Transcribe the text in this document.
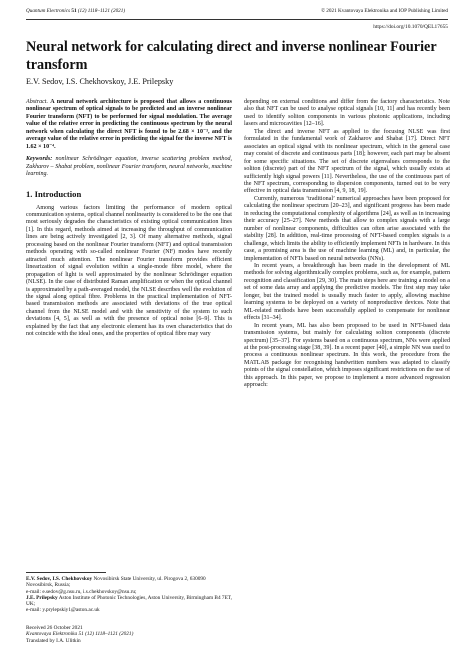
Quantum Electronics 51 (12) 1118–1121 (2021)	© 2021 Kvantovaya Elektronika and IOP Publishing Limited
https://doi.org/10.1070/QEL17655
Neural network for calculating direct and inverse nonlinear Fourier transform
E.V. Sedov, I.S. Chekhovskoy, J.E. Prilepsky
Abstract. A neural network architecture is proposed that allows a continuous nonlinear spectrum of optical signals to be predicted and an inverse nonlinear Fourier transform (NFT) to be performed for signal modulation. The average value of the relative error in predicting the continuous spectrum by the neural network when calculating the direct NFT is found to be 2.68 × 10⁻³, and the average value of the relative error in predicting the signal for the inverse NFT is 1.62 × 10⁻⁴.
Keywords: nonlinear Schrödinger equation, inverse scattering problem method, Zakharov – Shabat problem, nonlinear Fourier transform, neural networks, machine learning.
1. Introduction

Among various factors limiting the performance of modern optical communication systems, optical channel nonlinearity is considered to be the one that most seriously degrades the characteristics of existing optical communication lines [1]. In this regard, methods aimed at increasing the throughput of communication lines are being actively investigated [2, 3]. Of many alternative methods, signal processing based on the nonlinear Fourier transform (NFT) and optical transmission methods operating with so-called nonlinear Fourier (NF) modes have recently attracted much attention. The nonlinear Fourier transform provides efficient linearization of signal evolution within a single-mode fibre model, where the propagation of light is well approximated by the nonlinear Schrödinger equation (NLSE). In the case of distributed Raman amplification or when the optical channel is approximated by a path-averaged model, the NLSE describes well the evolution of the signal along optical fibre. Problems in the practical implementation of NFT-based transmission methods are associated with deviations of the true optical channel from the NLSE model and with the sensitivity of the system to such deviations [4, 5], as well as with the presence of optical noise [6–9]. This is explained by the fact that any electronic element has its own characteristics that do not coincide with the ideal ones, and the properties of optical fibre may vary

depending on external conditions and differ from the factory characteristics. Note also that NFT can be used to analyse optical signals [10, 11] and has recently been used to identify soliton components in various photonic applications, including lasers and microcavities [12–16].

The direct and inverse NFT as applied to the focusing NLSE was first formulated in the fundamental work of Zakharov and Shabat [17]. Direct NFT associates an optical signal with its nonlinear spectrum, which in the general case may consist of discrete and continuous parts [18]; however, each part may be absent for some specific situations. The set of discrete eigenvalues corresponds to the soliton (discrete) part of the NFT spectrum of the signal, which usually exists at sufficiently high signal powers [11]. Nevertheless, the use of the continuous part of the NFT spectrum, corresponding to dispersion components, turned out to be very effective in optical data transmission [4, 9, 18, 19].

Currently, numerous ‘traditional’ numerical approaches have been proposed for calculating the nonlinear spectrum [20–23], and significant progress has been made in reducing the computational complexity of algorithms [24], as well as in increasing their accuracy [25–27]. New methods that allow to complex signals with a large number of nonlinear components, difficulties can often arise associated with the stability [28]. In addition, real-time processing of NFT-based complex signals is a challenge, which limits the ability to efficiently implement NFTs in hardware. In this case, a promising area is the use of machine learning (ML) and, in particular, the implementation of NFTs based on neural networks (NNs).

In recent years, a breakthrough has been made in the development of ML methods for solving algorithmically complex problems, such as, for example, pattern recognition and classification [29, 30]. The main steps here are training a model on a set of some data array and applying the predictive models. The first step may take longer, but the trained model is usually much faster to apply, allowing machine learning systems to be deployed on a variety of nonproductive devices. Note that ML-related methods have been successfully applied to compensate for nonlinear effects [31–34].

In recent years, ML has also been proposed to be used in NFT-based data transmission systems, but mainly for calculating soliton components (discrete spectrum) [35–37]. For systems based on a continuous spectrum, NNs were applied at the post-processing stage [38, 39]. In a recent paper [40], a simple NN was used to process a continuous nonlinear spectrum. In this work, the procedure from the MATLAB package for recognising handwritten numbers was adapted to classify points of the signal constellation, which imposes significant restrictions on the use of this approach. In this paper, we propose to implement a more advanced regression approach:

E.V. Sedov, I.S. Chekhovskoy Novosibirsk State University, ul. Pirogova 2, 630090 Novosibirsk, Russia;
e-mail: e.sedov@g.nsu.ru, i.s.chekhovskoy@nsu.ru;
J.E. Prilepsky Aston Institute of Photonic Technologies, Aston University, Birmingham B4 7ET, UK;
e-mail: y.prylepskiy1@aston.ac.uk
Received 26 October 2021
Kvantovaya Elektronika 51 (12) 1118–1121 (2021)
Translated by I.A. Ulitkin
